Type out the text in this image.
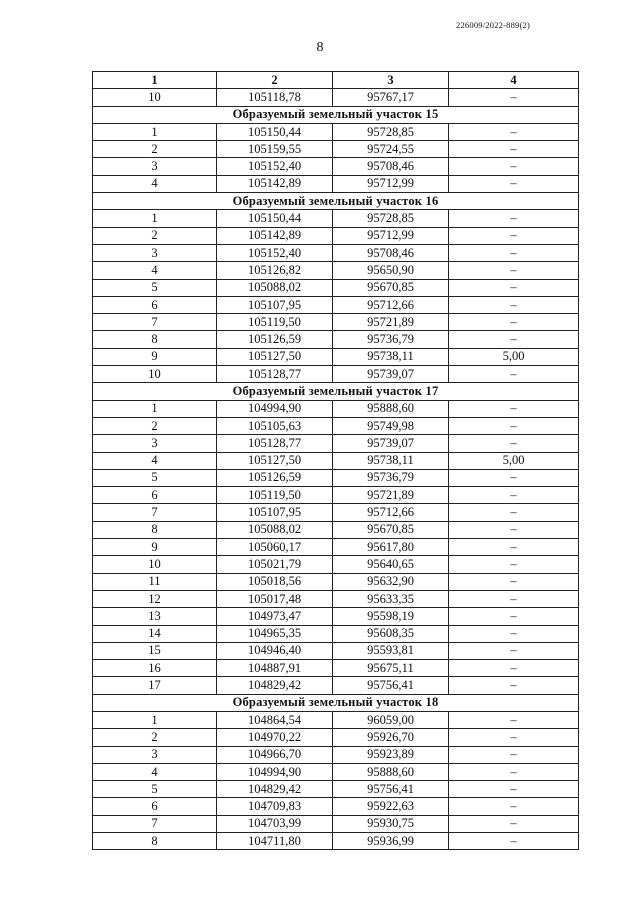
226009/2022-889(2)
8
1	2	3	4
10	105118,78	95767,17	–
Образуемый земельный участок 15			
1	105150,44	95728,85	–
2	105159,55	95724,55	–
3	105152,40	95708,46	–
4	105142,89	95712,99	–
Образуемый земельный участок 16			
1	105150,44	95728,85	–
2	105142,89	95712,99	–
3	105152,40	95708,46	–
4	105126,82	95650,90	–
5	105088,02	95670,85	–
6	105107,95	95712,66	–
7	105119,50	95721,89	–
8	105126,59	95736,79	–
9	105127,50	95738,11	5,00
10	105128,77	95739,07	–
Образуемый земельный участок 17			
1	104994,90	95888,60	–
2	105105,63	95749,98	–
3	105128,77	95739,07	–
4	105127,50	95738,11	5,00
5	105126,59	95736,79	–
6	105119,50	95721,89	–
7	105107,95	95712,66	–
8	105088,02	95670,85	–
9	105060,17	95617,80	–
10	105021,79	95640,65	–
11	105018,56	95632,90	–
12	105017,48	95633,35	–
13	104973,47	95598,19	–
14	104965,35	95608,35	–
15	104946,40	95593,81	–
16	104887,91	95675,11	–
17	104829,42	95756,41	–
Образуемый земельный участок 18			
1	104864,54	96059,00	–
2	104970,22	95926,70	–
3	104966,70	95923,89	–
4	104994,90	95888,60	–
5	104829,42	95756,41	–
6	104709,83	95922,63	–
7	104703,99	95930,75	–
8	104711,80	95936,99	–
